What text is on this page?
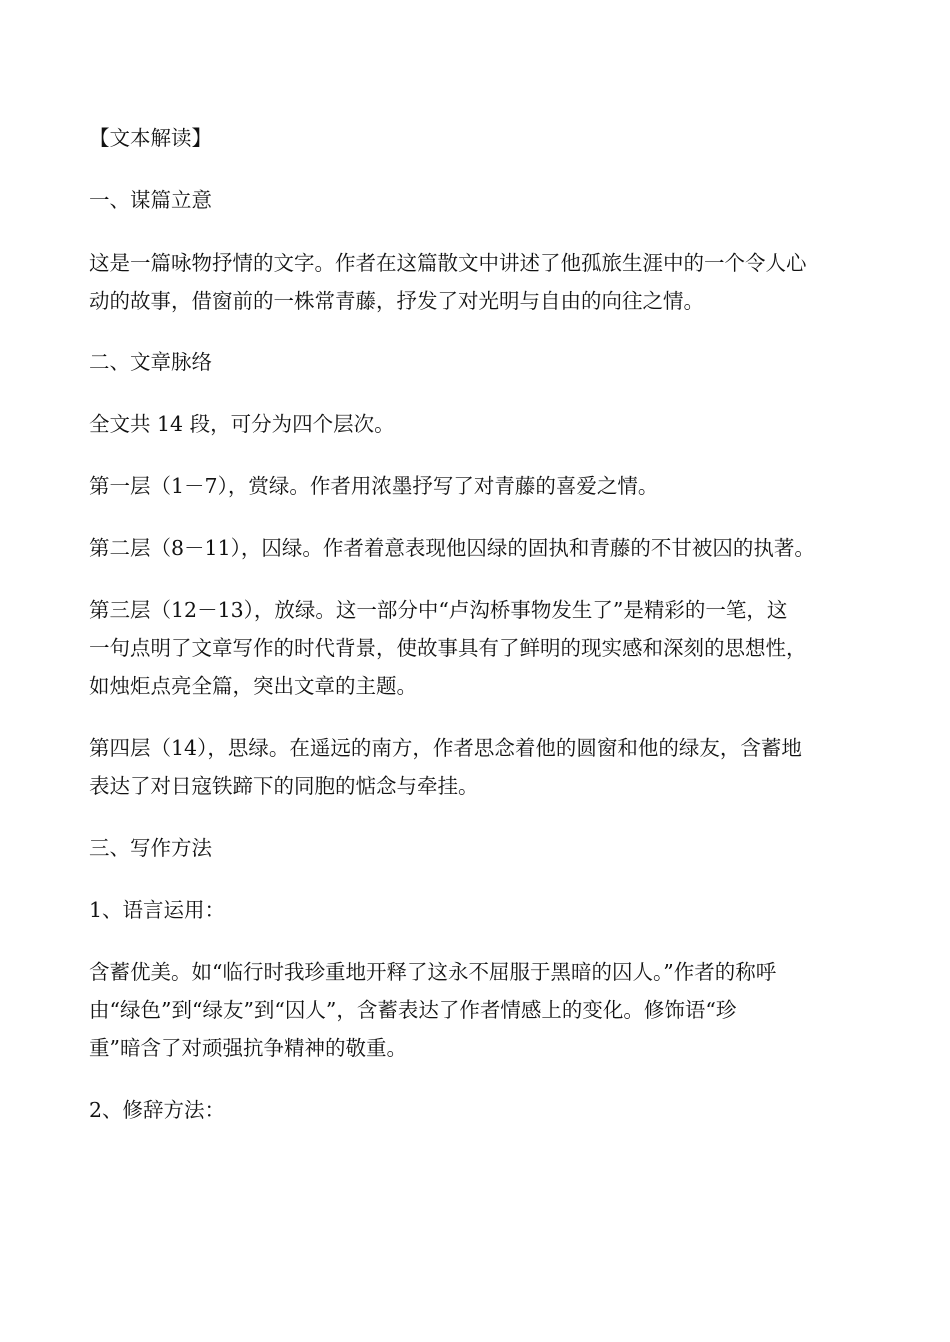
【文本解读】

一、谋篇立意

这是一篇咏物抒情的文字。作者在这篇散文中讲述了他孤旅生涯中的一个令人心
动的故事，借窗前的一株常青藤，抒发了对光明与自由的向往之情。

二、文章脉络

全文共 14 段，可分为四个层次。

第一层（1－7），赏绿。作者用浓墨抒写了对青藤的喜爱之情。

第二层（8－11），囚绿。作者着意表现他囚绿的固执和青藤的不甘被囚的执著。

第三层（12－13），放绿。这一部分中“卢沟桥事物发生了”是精彩的一笔，这
一句点明了文章写作的时代背景，使故事具有了鲜明的现实感和深刻的思想性，
如烛炬点亮全篇，突出文章的主题。

第四层（14），思绿。在遥远的南方，作者思念着他的圆窗和他的绿友，含蓄地
表达了对日寇铁蹄下的同胞的惦念与牵挂。

三、写作方法

1、语言运用：

含蓄优美。如“临行时我珍重地开释了这永不屈服于黑暗的囚人。”作者的称呼
由“绿色”到“绿友”到“囚人”，含蓄表达了作者情感上的变化。修饰语“珍
重”暗含了对顽强抗争精神的敬重。

2、修辞方法：
